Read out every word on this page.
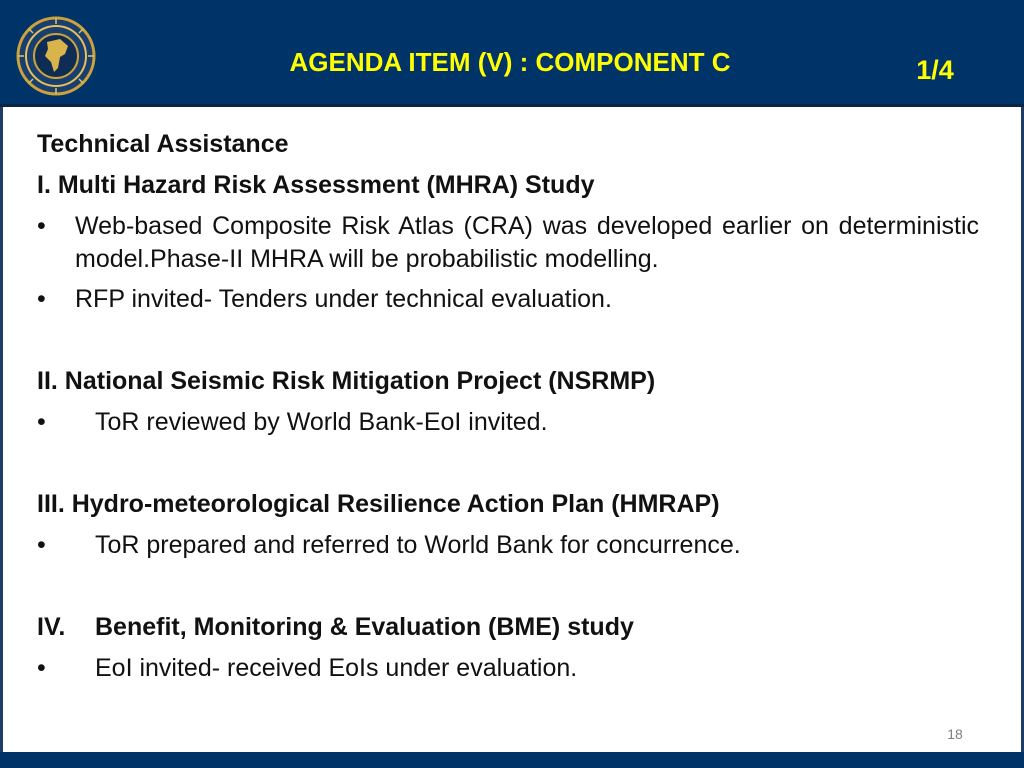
AGENDA ITEM (V) : COMPONENT C	1/4
Technical Assistance
I. Multi Hazard Risk Assessment (MHRA) Study
•	Web-based Composite Risk Atlas (CRA) was developed earlier on deterministic model.Phase-II MHRA will be probabilistic modelling.
•	RFP invited- Tenders under technical evaluation.
II. National Seismic Risk Mitigation Project (NSRMP)
•	ToR reviewed by World Bank-EoI invited.
III. Hydro-meteorological Resilience Action Plan (HMRAP)
•	ToR prepared and referred to World Bank for concurrence.
IV. Benefit, Monitoring & Evaluation (BME) study
•	EoI invited- received EoIs under evaluation.
18
